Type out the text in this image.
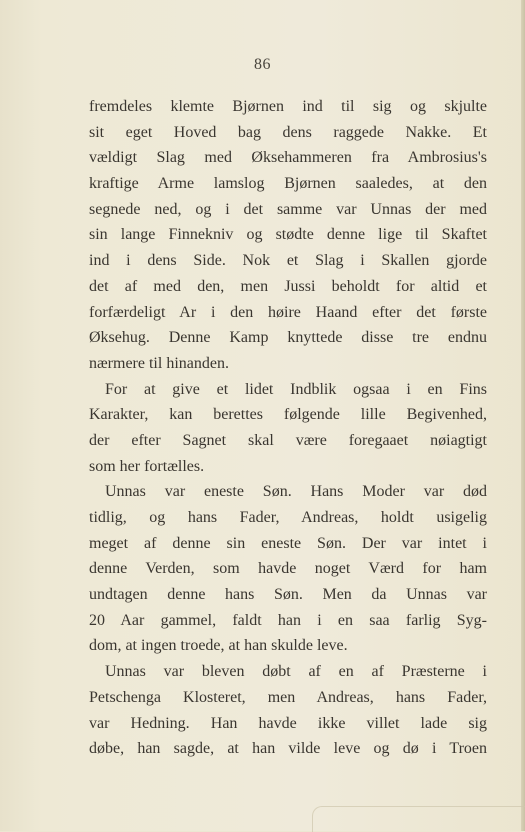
86
fremdeles klemte Bjørnen ind til sig og skjulte
sit eget Hoved bag dens raggede Nakke. Et
vældigt Slag med Øksehammeren fra Ambrosius's
kraftige Arme lamslog Bjørnen saaledes, at den
segnede ned, og i det samme var Unnas der med
sin lange Finnekniv og stødte denne lige til Skaftet
ind i dens Side. Nok et Slag i Skallen gjorde
det af med den, men Jussi beholdt for altid et
forfærdeligt Ar i den høire Haand efter det første
Øksehug. Denne Kamp knyttede disse tre endnu
nærmere til hinanden.
For at give et lidet Indblik ogsaa i en Fins
Karakter, kan berettes følgende lille Begivenhed,
der efter Sagnet skal være foregaaet nøiagtigt
som her fortælles.
Unnas var eneste Søn. Hans Moder var død
tidlig, og hans Fader, Andreas, holdt usigelig
meget af denne sin eneste Søn. Der var intet i
denne Verden, som havde noget Værd for ham
undtagen denne hans Søn. Men da Unnas var
20 Aar gammel, faldt han i en saa farlig Syg-
dom, at ingen troede, at han skulde leve.
Unnas var bleven døbt af en af Præsterne i
Petschenga Klosteret, men Andreas, hans Fader,
var Hedning. Han havde ikke villet lade sig
døbe, han sagde, at han vilde leve og dø i Troen
